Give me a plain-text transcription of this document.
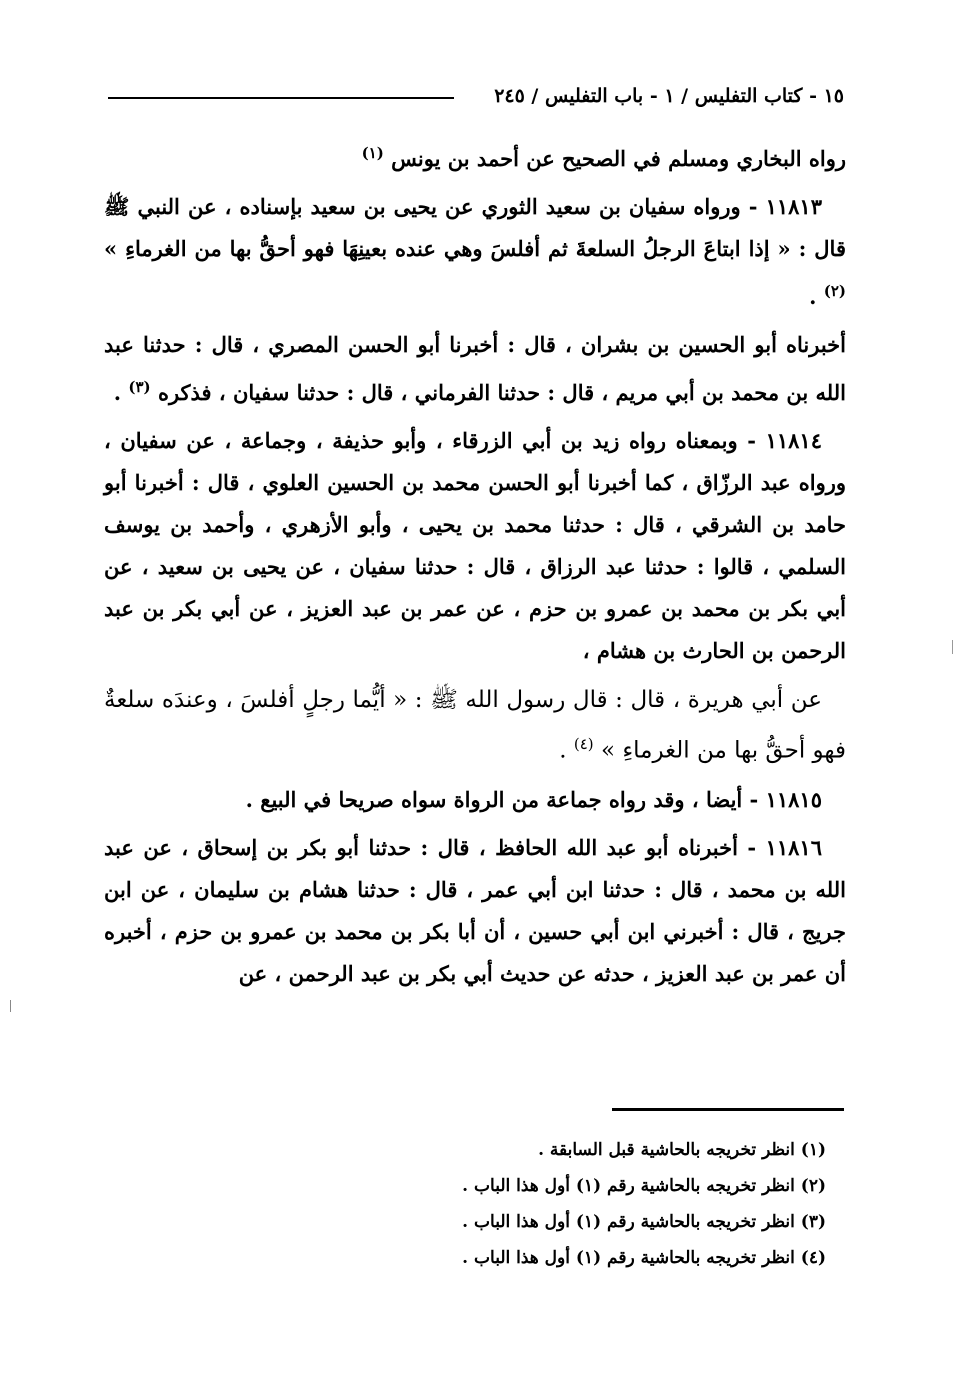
١٥ - كتاب التفليس / ١ - باب التفليس / ٢٤٥

رواه البخاري ومسلم في الصحيح عن أحمد بن يونس $^{(١)}$

١١٨١٣ - ورواه سفيان بن سعيد الثوري عن يحيى بن سعيد بإسناده ، عن النبي ﷺ قال : « إذا ابتاعَ الرجلُ السلعةَ ثم أفلسَ وهي عنده بعينِهَا فهو أحقُّ بها من الغرماءِ » $^{(٢)}$ .

أخبرناه أبو الحسين بن بشران ، قال : أخبرنا أبو الحسن المصري ، قال : حدثنا عبد الله بن محمد بن أبي مريم ، قال : حدثنا الفرماني ، قال : حدثنا سفيان ، فذكره $^{(٣)}$ .

١١٨١٤ - وبمعناه رواه زيد بن أبي الزرقاء ، وأبو حذيفة ، وجماعة ، عن سفيان ، ورواه عبد الرزّاق ، كما أخبرنا أبو الحسن محمد بن الحسين العلوي ، قال : أخبرنا أبو حامد بن الشرقي ، قال : حدثنا محمد بن يحيى ، وأبو الأزهري ، وأحمد بن يوسف السلمي ، قالوا : حدثنا عبد الرزاق ، قال : حدثنا سفيان ، عن يحيى بن سعيد ، عن أبي بكر بن محمد بن عمرو بن حزم ، عن عمر بن عبد العزيز ، عن أبي بكر بن عبد الرحمن بن الحارث بن هشام ،

عن أبي هريرة ، قال : قال رسول الله ﷺ : « أيُّما رجلٍ أفلسَ ، وعندَه سلعةٌ فهو أحقُّ بها من الغرماءِ » $^{(٤)}$ .

١١٨١٥ - أيضا ، وقد رواه جماعة من الرواة سواه صريحا في البيع .

١١٨١٦ - أخبرناه أبو عبد الله الحافظ ، قال : حدثنا أبو بكر بن إسحاق ، عن عبد الله بن محمد ، قال : حدثنا ابن أبي عمر ، قال : حدثنا هشام بن سليمان ، عن ابن جريج ، قال : أخبرني ابن أبي حسين ، أن أبا بكر بن محمد بن عمرو بن حزم ، أخبره أن عمر بن عبد العزيز ، حدثه عن حديث أبي بكر بن عبد الرحمن ، عن

(١) انظر تخريجه بالحاشية قبل السابقة .
(٢) انظر تخريجه بالحاشية رقم (١) أول هذا الباب .
(٣) انظر تخريجه بالحاشية رقم (١) أول هذا الباب .
(٤) انظر تخريجه بالحاشية رقم (١) أول هذا الباب .
